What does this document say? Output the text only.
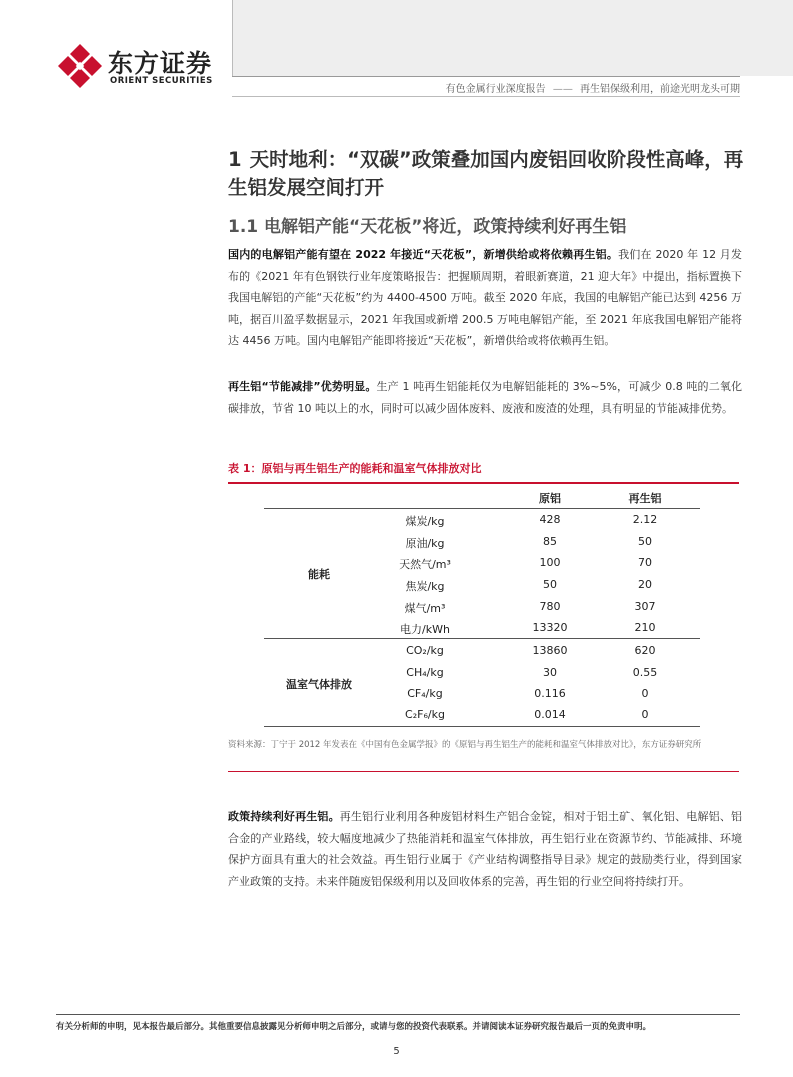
东方证券
ORIENT SECURITIES
有色金属行业深度报告 —— 再生铝保级利用，前途光明龙头可期
1 天时地利：“双碳”政策叠加国内废铝回收阶段性高峰，再生铝发展空间打开
1.1 电解铝产能“天花板”将近，政策持续利好再生铝
国内的电解铝产能有望在 2022 年接近“天花板”，新增供给或将依赖再生铝。我们在 2020 年 12 月发布的《2021 年有色钢铁行业年度策略报告：把握顺周期，着眼新赛道，21 迎大年》中提出，指标置换下我国电解铝的产能“天花板”约为 4400-4500 万吨。截至 2020 年底，我国的电解铝产能已达到 4256 万吨，据百川盈孚数据显示，2021 年我国或新增 200.5 万吨电解铝产能，至 2021 年底我国电解铝产能将达 4456 万吨。国内电解铝产能即将接近“天花板”，新增供给或将依赖再生铝。
再生铝“节能减排”优势明显。生产 1 吨再生铝能耗仅为电解铝能耗的 3%~5%，可减少 0.8 吨的二氧化碳排放，节省 10 吨以上的水，同时可以减少固体废料、废液和废渣的处理，具有明显的节能减排优势。
表 1：原铝与再生铝生产的能耗和温室气体排放对比
原铝	再生铝
能耗
煤炭/kg	428	2.12
原油/kg	85	50
天然气/m³	100	70
焦炭/kg	50	20
煤气/m³	780	307
电力/kWh	13320	210
温室气体排放
CO₂/kg	13860	620
CH₄/kg	30	0.55
CF₄/kg	0.116	0
C₂F₆/kg	0.014	0
资料来源：丁宁于 2012 年发表在《中国有色金属学报》的《原铝与再生铝生产的能耗和温室气体排放对比》，东方证券研究所
政策持续利好再生铝。再生铝行业利用各种废铝材料生产铝合金锭，相对于铝土矿、氧化铝、电解铝、铝合金的产业路线，较大幅度地减少了热能消耗和温室气体排放，再生铝行业在资源节约、节能减排、环境保护方面具有重大的社会效益。再生铝行业属于《产业结构调整指导目录》规定的鼓励类行业，得到国家产业政策的支持。未来伴随废铝保级利用以及回收体系的完善，再生铝的行业空间将持续打开。
有关分析师的申明，见本报告最后部分。其他重要信息披露见分析师申明之后部分，或请与您的投资代表联系。并请阅读本证券研究报告最后一页的免责申明。
5
